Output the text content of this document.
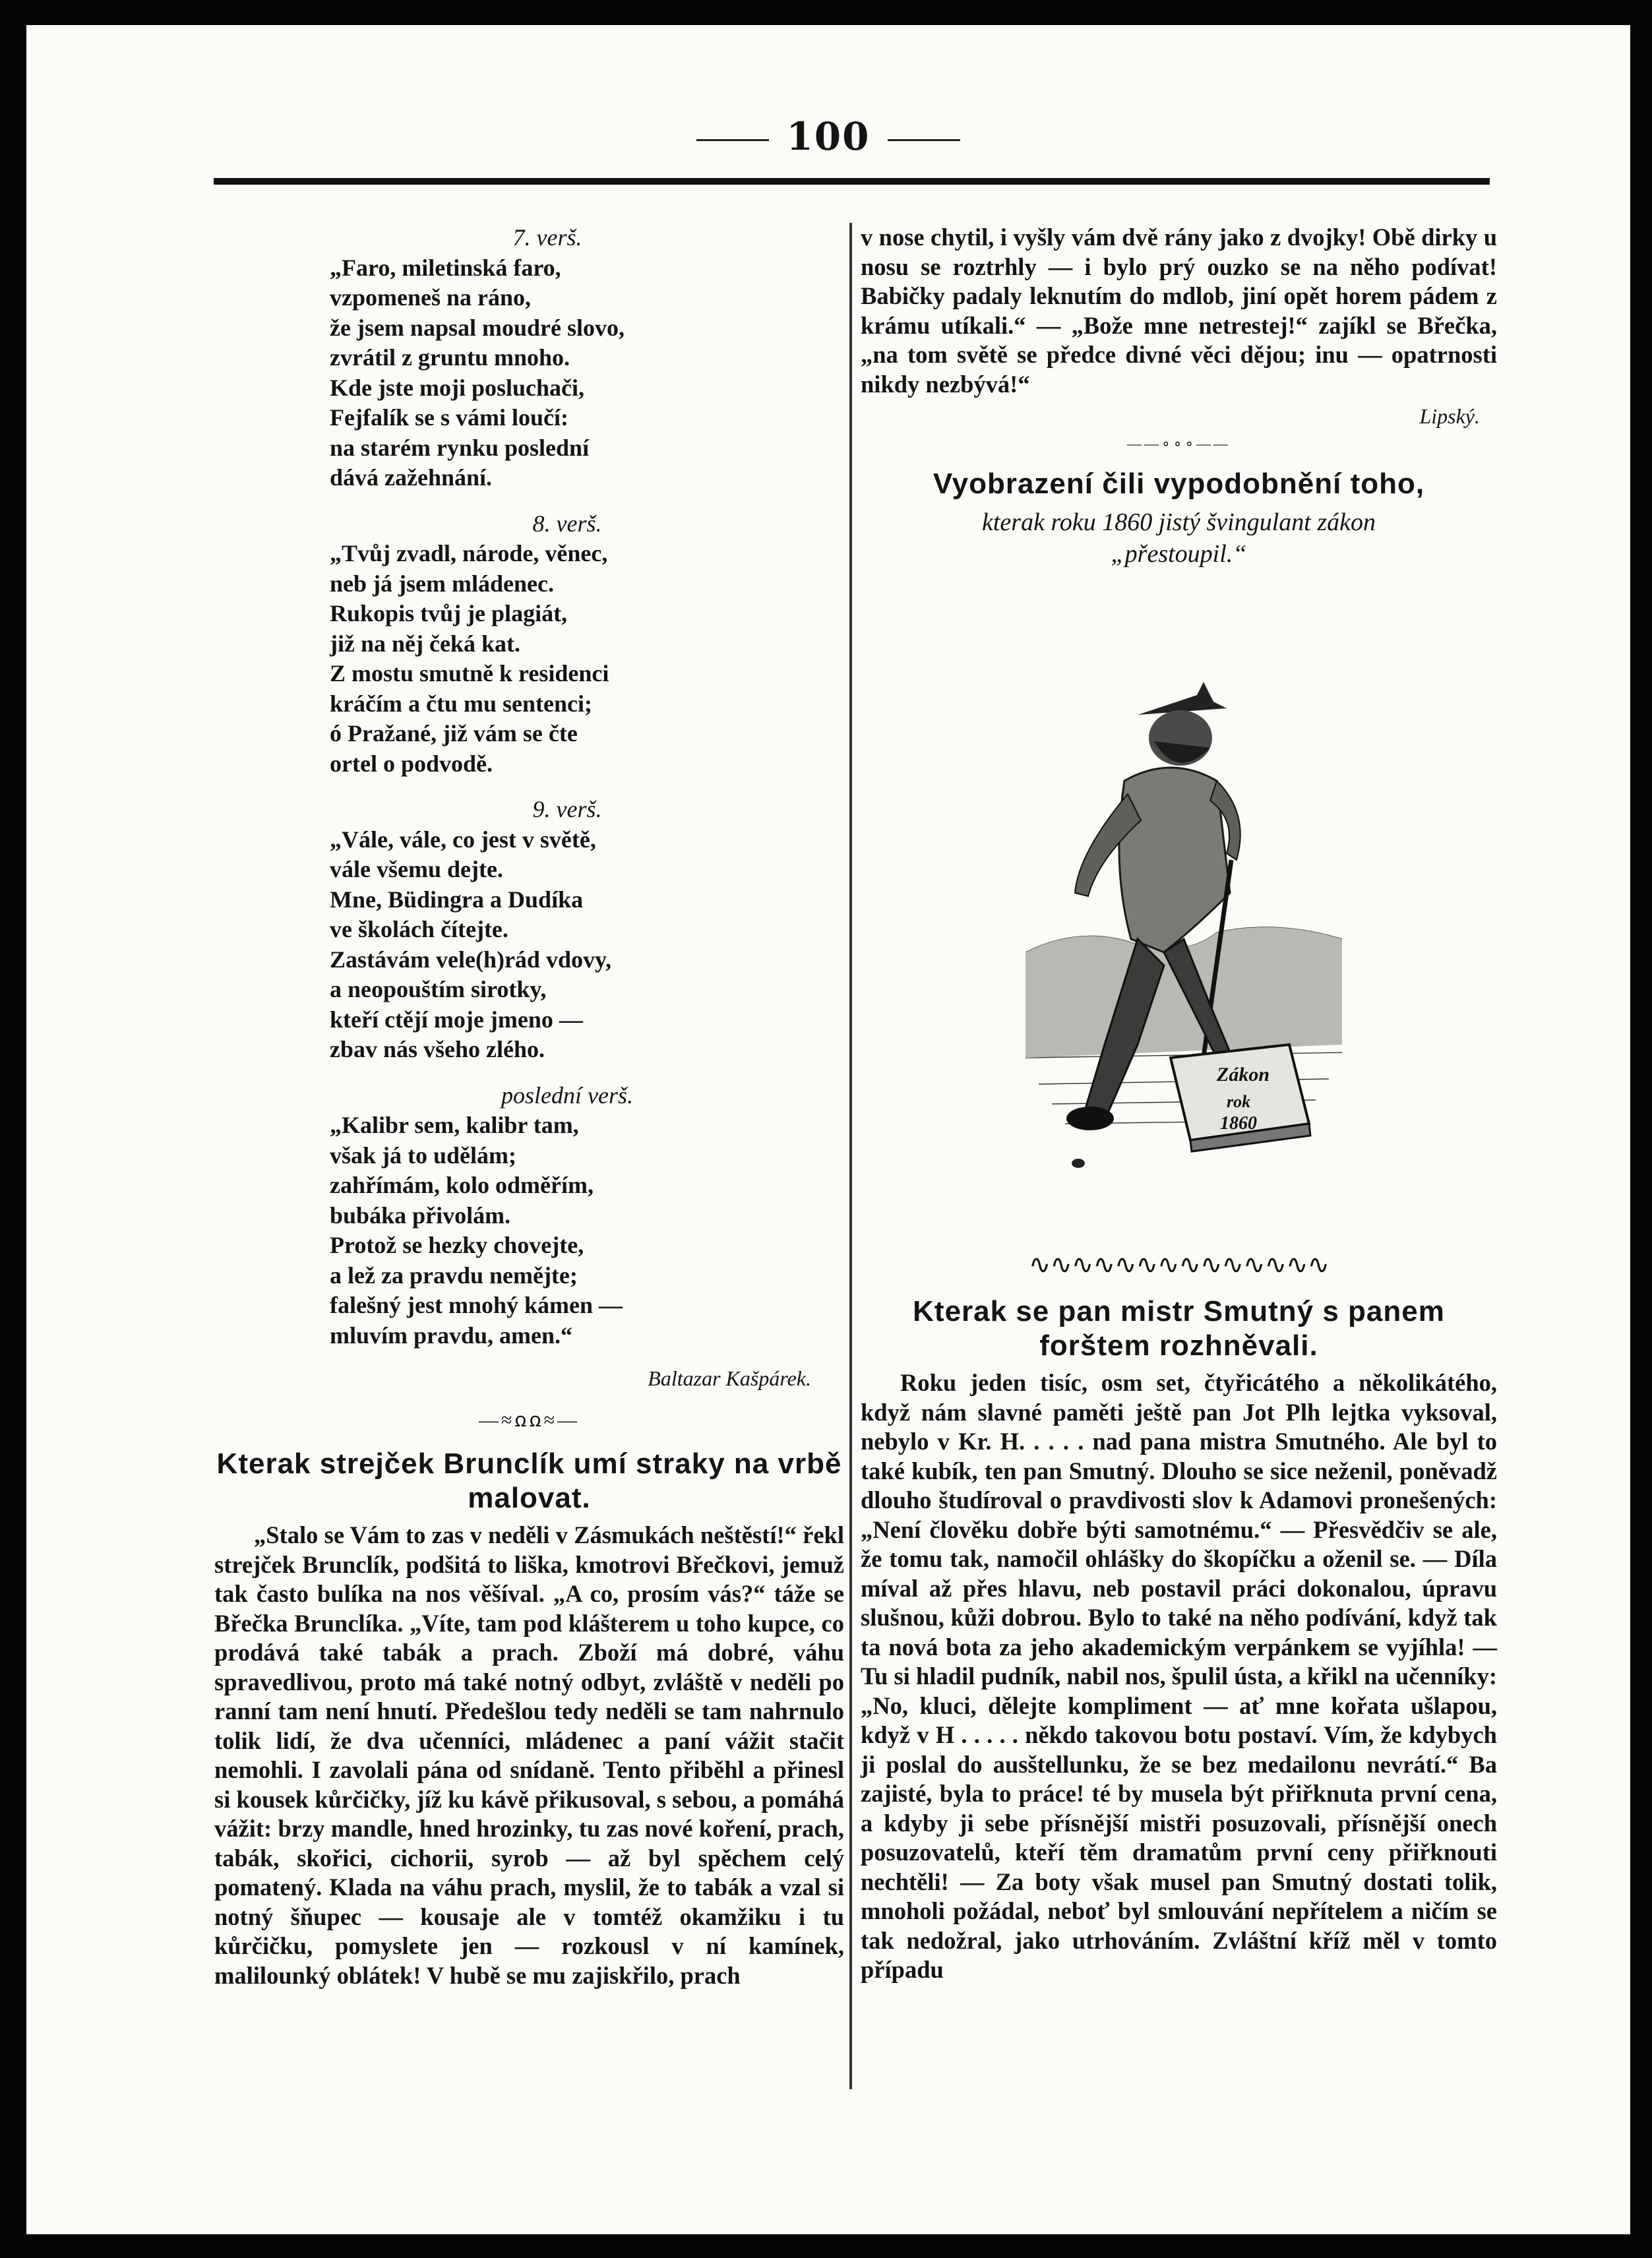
100

7. verš.

„Faro, miletinská faro,
vzpomeneš na ráno,
že jsem napsal moudré slovo,
zvrátil z gruntu mnoho.
Kde jste moji posluchači,
Fejfalík se s vámi loučí:
na starém rynku poslední
dává zažehnání.

8. verš.

„Tvůj zvadl, národe, věnec,
neb já jsem mládenec.
Rukopis tvůj je plagiát,
již na něj čeká kat.
Z mostu smutně k residenci
kráčím a čtu mu sentenci;
ó Pražané, již vám se čte
ortel o podvodě.

9. verš.

„Vále, vále, co jest v světě,
vále všemu dejte.
Mne, Büdingra a Dudíka
ve školách čítejte.
Zastávám vele(h)rád vdovy,
a neopouštím sirotky,
kteří ctějí moje jmeno —
zbav nás všeho zlého.

poslední verš.

„Kalibr sem, kalibr tam,
však já to udělám;
zahřímám, kolo odměřím,
bubáka přivolám.
Protož se hezky chovejte,
a lež za pravdu nemějte;
falešný jest mnohý kámen —
mluvím pravdu, amen.“
Baltazar Kašpárek.
—≈ꭥꭥ≈—
Kterak strejček Brunclík umí straky na vrbě malovat.

„Stalo se Vám to zas v neděli v Zásmukách neštěstí!“ řekl strejček Brunclík, podšitá to liška, kmotrovi Břečkovi, jemuž tak často bulíka na nos věšíval. „A co, prosím vás?“ táže se Břečka Brunclíka. „Víte, tam pod klášterem u toho kupce, co prodává také tabák a prach. Zboží má dobré, váhu spravedlivou, proto má také notný odbyt, zvláště v neděli po ranní tam není hnutí. Předešlou tedy neděli se tam nahrnulo tolik lidí, že dva učenníci, mládenec a paní vážit stačit nemohli. I zavolali pána od snídaně. Tento přiběhl a přinesl si kousek kůrčičky, jíž ku kávě přikusoval, s sebou, a pomáhá vážit: brzy mandle, hned hrozinky, tu zas nové koření, prach, tabák, skořici, cichorii, syrob — až byl spěchem celý pomatený. Klada na váhu prach, myslil, že to tabák a vzal si notný šňupec — kousaje ale v tomtéž okamžiku i tu kůrčičku, pomyslete jen — rozkousl v ní kamínek, malilounký oblátek! V hubě se mu zajiskřilo, prach

v nose chytil, i vyšly vám dvě rány jako z dvojky! Obě dirky u nosu se roztrhly — i bylo prý ouzko se na něho podívat! Babičky padaly leknutím do mdlob, jiní opět horem pádem z krámu utíkali.“ — „Bože mne netrestej!“ zajíkl se Břečka, „na tom světě se předce divné věci dějou; inu — opatrnosti nikdy nezbývá!“

Lipský.
——∘∘∘——
Vyobrazení čili vypodobnění toho,

kterak roku 1860 jistý švingulant zákon
„přestoupil.“

Zákon
rok
1860
∿∿∿∿∿∿∿∿∿∿∿∿∿∿
Kterak se pan mistr Smutný s panem forštem rozhněvali.

Roku jeden tisíc, osm set, čtyřicátého a několikátého, když nám slavné paměti ještě pan Jot Plh lejtka vyksoval, nebylo v Kr. H. . . . . nad pana mistra Smutného. Ale byl to také kubík, ten pan Smutný. Dlouho se sice neženil, poněvadž dlouho študíroval o pravdivosti slov k Adamovi pronešených: „Není člověku dobře býti samotnému.“ — Přesvědčiv se ale, že tomu tak, namočil ohlášky do škopíčku a oženil se. — Díla míval až přes hlavu, neb postavil práci dokonalou, úpravu slušnou, kůži dobrou. Bylo to také na něho podívání, když tak ta nová bota za jeho akademickým verpánkem se vyjíhla! — Tu si hladil pudník, nabil nos, špulil ústa, a křikl na učenníky: „No, kluci, dělejte kompliment — ať mne kořata ušlapou, když v H . . . . . někdo takovou botu postaví. Vím, že kdybych ji poslal do ausštellunku, že se bez medailonu nevrátí.“ Ba zajisté, byla to práce! té by musela být přiřknuta první cena, a kdyby ji sebe přísnější mistři posuzovali, přísnější onech posuzovatelů, kteří těm dramatům první ceny přiřknouti nechtěli! — Za boty však musel pan Smutný dostati tolik, mnoholi požádal, neboť byl smlouvání nepřítelem a ničím se tak nedožral, jako utrhováním. Zvláštní kříž měl v tomto případu
